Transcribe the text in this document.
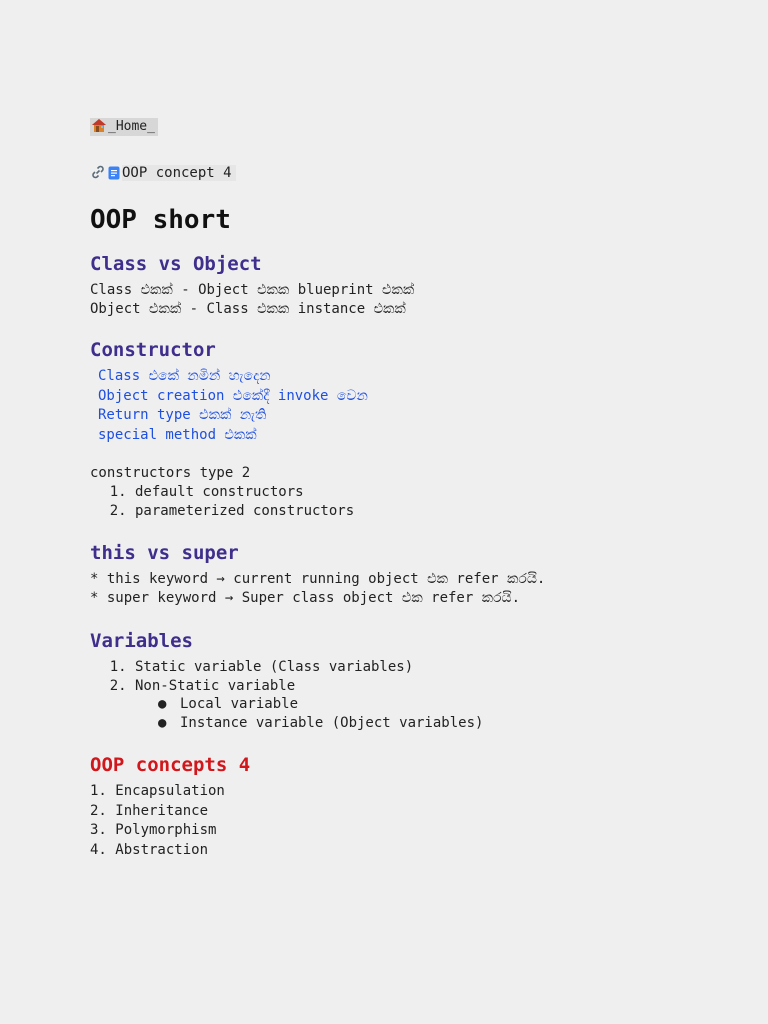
_Home_
OOP concept 4
OOP short
Class vs Object
Class එකක් - Object එකක blueprint එකක්
Object එකක් - Class එකක instance එකක්
Constructor
Class එකේ නමින් හැදෙන
Object creation එකේදී invoke වෙන
Return type එකක් නැති
special method එකක්
constructors type 2
1. default constructors
2. parameterized constructors
this vs super
* this keyword → current running object එක refer කරයි.
* super keyword → Super class object එක refer කරයි.
Variables
1. Static variable (Class variables)
2. Non-Static variable
● Local variable
● Instance variable (Object variables)
OOP concepts 4
1. Encapsulation
2. Inheritance
3. Polymorphism
4. Abstraction
